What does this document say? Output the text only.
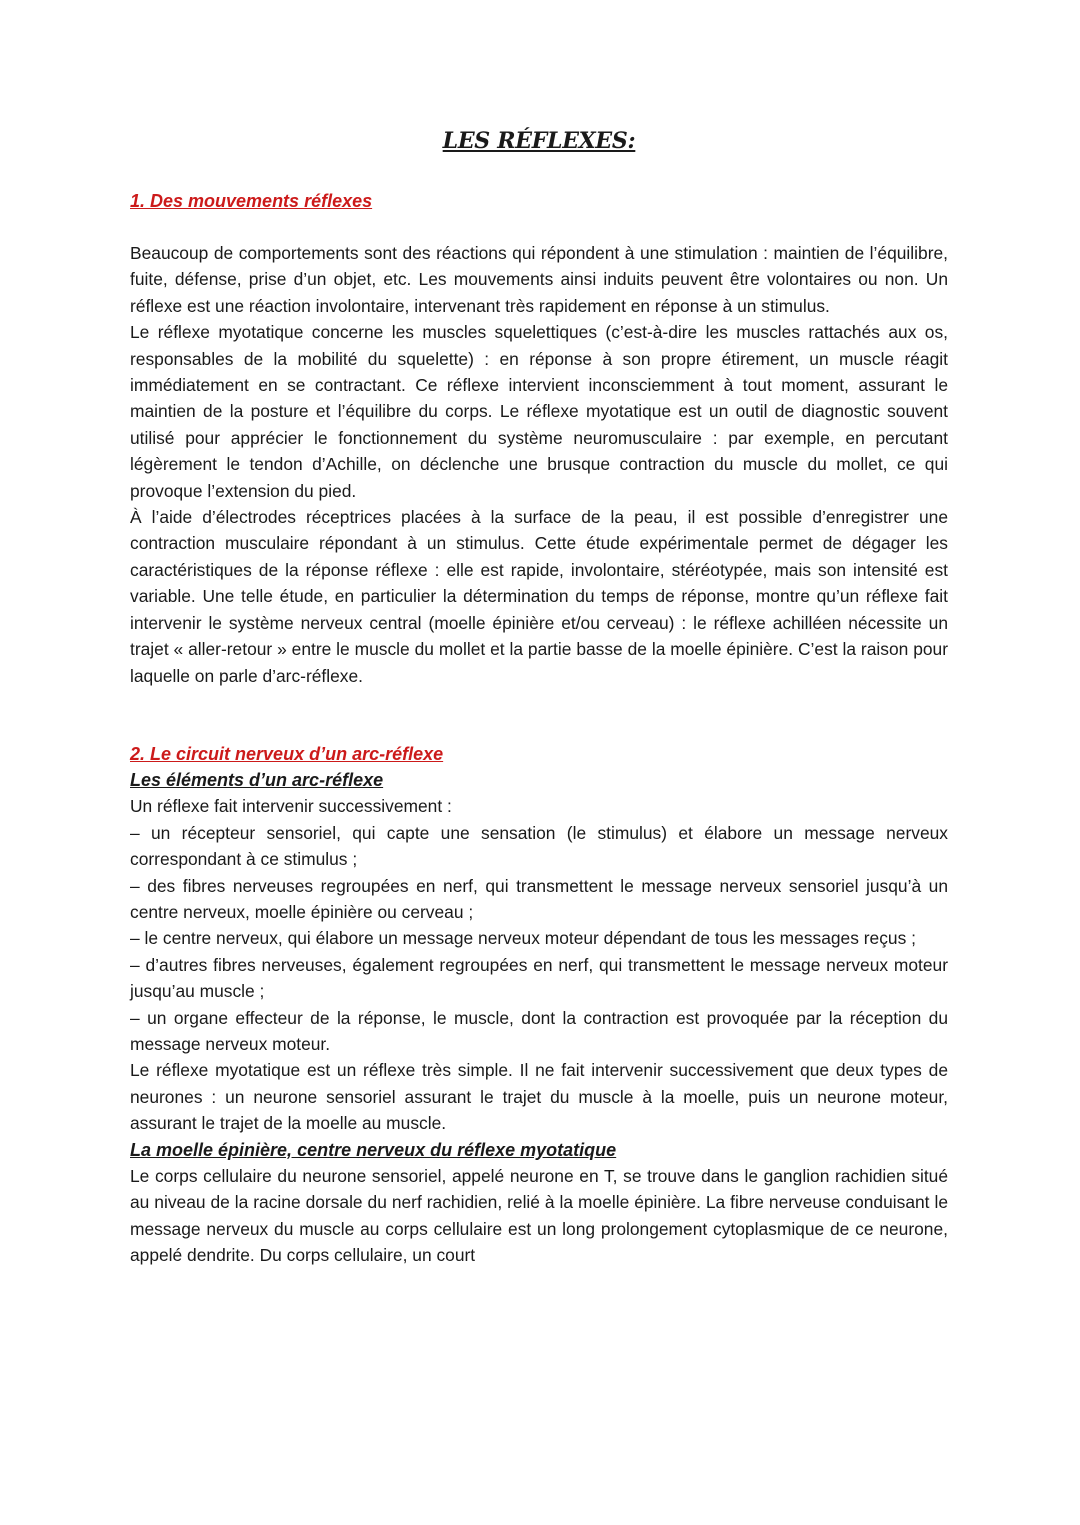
LES RÉFLEXES:
1. Des mouvements réflexes

Beaucoup de comportements sont des réactions qui répondent à une stimulation : maintien de l’équilibre, fuite, défense, prise d’un objet, etc. Les mouvements ainsi induits peuvent être volontaires ou non. Un réflexe est une réaction involontaire, intervenant très rapidement en réponse à un stimulus.

Le réflexe myotatique concerne les muscles squelettiques (c’est-à-dire les muscles rattachés aux os, responsables de la mobilité du squelette) : en réponse à son propre étirement, un muscle réagit immédiatement en se contractant. Ce réflexe intervient inconsciemment à tout moment, assurant le maintien de la posture et l’équilibre du corps. Le réflexe myotatique est un outil de diagnostic souvent utilisé pour apprécier le fonctionnement du système neuromusculaire : par exemple, en percutant légèrement le tendon d’Achille, on déclenche une brusque contraction du muscle du mollet, ce qui provoque l’extension du pied.

À l’aide d’électrodes réceptrices placées à la surface de la peau, il est possible d’enregistrer une contraction musculaire répondant à un stimulus. Cette étude expérimentale permet de dégager les caractéristiques de la réponse réflexe : elle est rapide, involontaire, stéréotypée, mais son intensité est variable. Une telle étude, en particulier la détermination du temps de réponse, montre qu’un réflexe fait intervenir le système nerveux central (moelle épinière et/ou cerveau) : le réflexe achilléen nécessite un trajet « aller-retour » entre le muscle du mollet et la partie basse de la moelle épinière. C’est la raison pour laquelle on parle d’arc-réflexe.

2. Le circuit nerveux d’un arc-réflexe
Les éléments d’un arc-réflexe

Un réflexe fait intervenir successivement :

– un récepteur sensoriel, qui capte une sensation (le stimulus) et élabore un message nerveux correspondant à ce stimulus ;

– des fibres nerveuses regroupées en nerf, qui transmettent le message nerveux sensoriel jusqu’à un centre nerveux, moelle épinière ou cerveau ;

– le centre nerveux, qui élabore un message nerveux moteur dépendant de tous les messages reçus ;

– d’autres fibres nerveuses, également regroupées en nerf, qui transmettent le message nerveux moteur jusqu’au muscle ;

– un organe effecteur de la réponse, le muscle, dont la contraction est provoquée par la réception du message nerveux moteur.

Le réflexe myotatique est un réflexe très simple. Il ne fait intervenir successivement que deux types de neurones : un neurone sensoriel assurant le trajet du muscle à la moelle, puis un neurone moteur, assurant le trajet de la moelle au muscle.

La moelle épinière, centre nerveux du réflexe myotatique

Le corps cellulaire du neurone sensoriel, appelé neurone en T, se trouve dans le ganglion rachidien situé au niveau de la racine dorsale du nerf rachidien, relié à la moelle épinière. La fibre nerveuse conduisant le message nerveux du muscle au corps cellulaire est un long prolongement cytoplasmique de ce neurone, appelé dendrite. Du corps cellulaire, un court
